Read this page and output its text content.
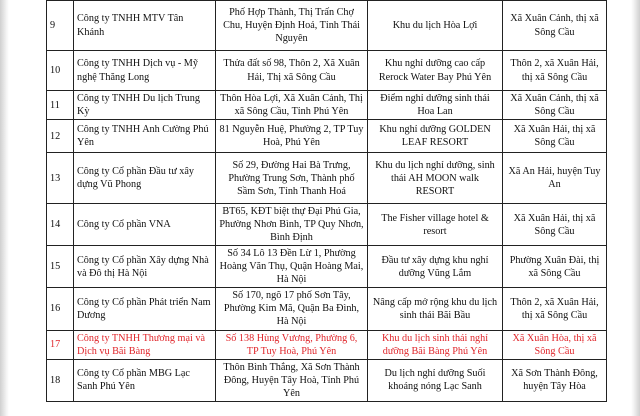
9	Công ty TNHH MTV Tân Khánh	Phố Hợp Thành, Thị Trấn Chợ Chu, Huyện Định Hoá, Tỉnh Thái Nguyên	Khu du lịch Hòa Lợi	Xã Xuân Cảnh, thị xã Sông Cầu
10	Công ty TNHH Dịch vụ - Mỹ nghệ Thăng Long	Thửa đất số 98, Thôn 2, Xã Xuân Hải, Thị xã Sông Cầu	Khu nghỉ dưỡng cao cấp Rerock Water Bay Phú Yên	Thôn 2, xã Xuân Hải, thị xã Sông Cầu
11	Công ty TNHH Du lịch Trung Kỳ	Thôn Hòa Lợi, Xã Xuân Cảnh, Thị xã Sông Cầu, Tỉnh Phú Yên	Điểm nghỉ dưỡng sinh thái Hoa Lan	Xã Xuân Cảnh, thị xã Sông Cầu
12	Công ty TNHH Anh Cường Phú Yên	81 Nguyễn Huệ, Phường 2, TP Tuy Hoà, Phú Yên	Khu nghỉ dưỡng GOLDEN LEAF RESORT	Xã Xuân Hải, thị xã Sông Cầu
13	Công ty Cổ phần Đầu tư xây dựng Vũ Phong	Số 29, Đường Hai Bà Trưng, Phường Trung Sơn, Thành phố Sầm Sơn, Tỉnh Thanh Hoá	Khu du lịch nghỉ dưỡng, sinh thái AH MOON walk RESORT	Xã An Hải, huyện Tuy An
14	Công ty Cổ phần VNA	BT65, KĐT biệt thự Đại Phú Gia, Phường Nhơn Bình, TP Quy Nhơn, Bình Định	The Fisher village hotel & resort	Xã Xuân Hải, thị xã Sông Cầu
15	Công ty Cổ phần Xây dựng Nhà và Đô thị Hà Nội	Số 34 Lô 13 Đền Lừ 1, Phường Hoàng Văn Thụ, Quận Hoàng Mai, Hà Nội	Đầu tư xây dựng khu nghỉ dưỡng Vũng Lắm	Phường Xuân Đài, thị xã Sông Cầu
16	Công ty Cổ phần Phát triển Nam Dương	Số 170, ngõ 17 phố Sơn Tây, Phường Kim Mã, Quận Ba Đình, Hà Nội	Nâng cấp mở rộng khu du lịch sinh thái Bãi Bầu	Thôn 2, xã Xuân Hải, thị xã Sông Cầu
17	Công ty TNHH Thương mại và Dịch vụ Bãi Bàng	Số 138 Hùng Vương, Phường 6, TP Tuy Hoà, Phú Yên	Khu du lịch sinh thái nghỉ dưỡng Bãi Bàng Phú Yên	Xã Xuân Hòa, thị xã Sông Cầu
18	Công ty Cổ phần MBG Lạc Sanh Phú Yên	Thôn Bình Thắng, Xã Sơn Thành Đông, Huyện Tây Hoà, Tỉnh Phú Yên	Du lịch nghỉ dưỡng Suối khoáng nóng Lạc Sanh	Xã Sơn Thành Đông, huyện Tây Hòa
